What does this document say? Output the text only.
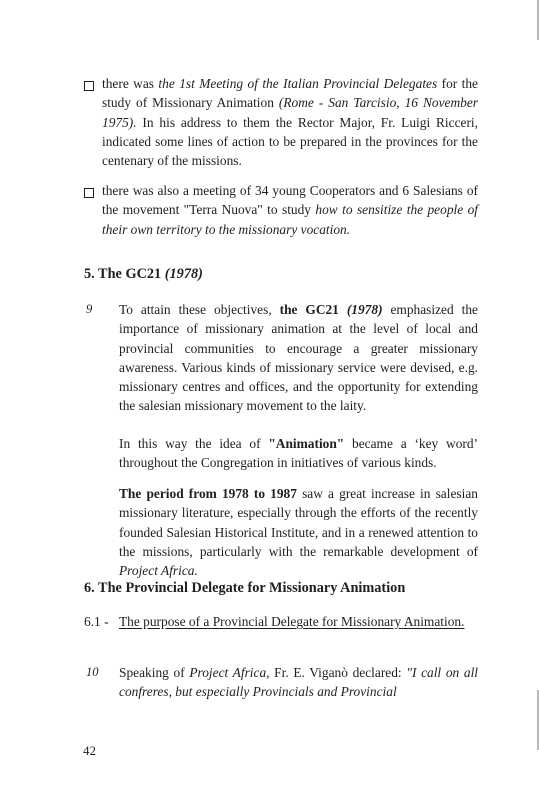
there was the 1st Meeting of the Italian Provincial Delegates for the study of Missionary Animation (Rome - San Tarcisio, 16 November 1975). In his address to them the Rector Major, Fr. Luigi Ricceri, indicated some lines of action to be prepared in the provinces for the centenary of the missions.
there was also a meeting of 34 young Cooperators and 6 Salesians of the movement "Terra Nuova" to study how to sensitize the people of their own territory to the missionary vocation.
5. The GC21 (1978)
9 To attain these objectives, the GC21 (1978) emphasized the importance of missionary animation at the level of local and provincial communities to encourage a greater missionary awareness. Various kinds of missionary service were devised, e.g. missionary centres and offices, and the opportunity for extending the salesian missionary movement to the laity.
In this way the idea of "Animation" became a ‘key word’ throughout the Congregation in initiatives of various kinds.
The period from 1978 to 1987 saw a great increase in salesian missionary literature, especially through the efforts of the recently founded Salesian Historical Institute, and in a renewed attention to the missions, particularly with the remarkable development of Project Africa.
6. The Provincial Delegate for Missionary Animation
6.1 - The purpose of a Provincial Delegate for Missionary Animation.
10 Speaking of Project Africa, Fr. E. Viganò declared: "I call on all confreres, but especially Provincials and Provincial
42
